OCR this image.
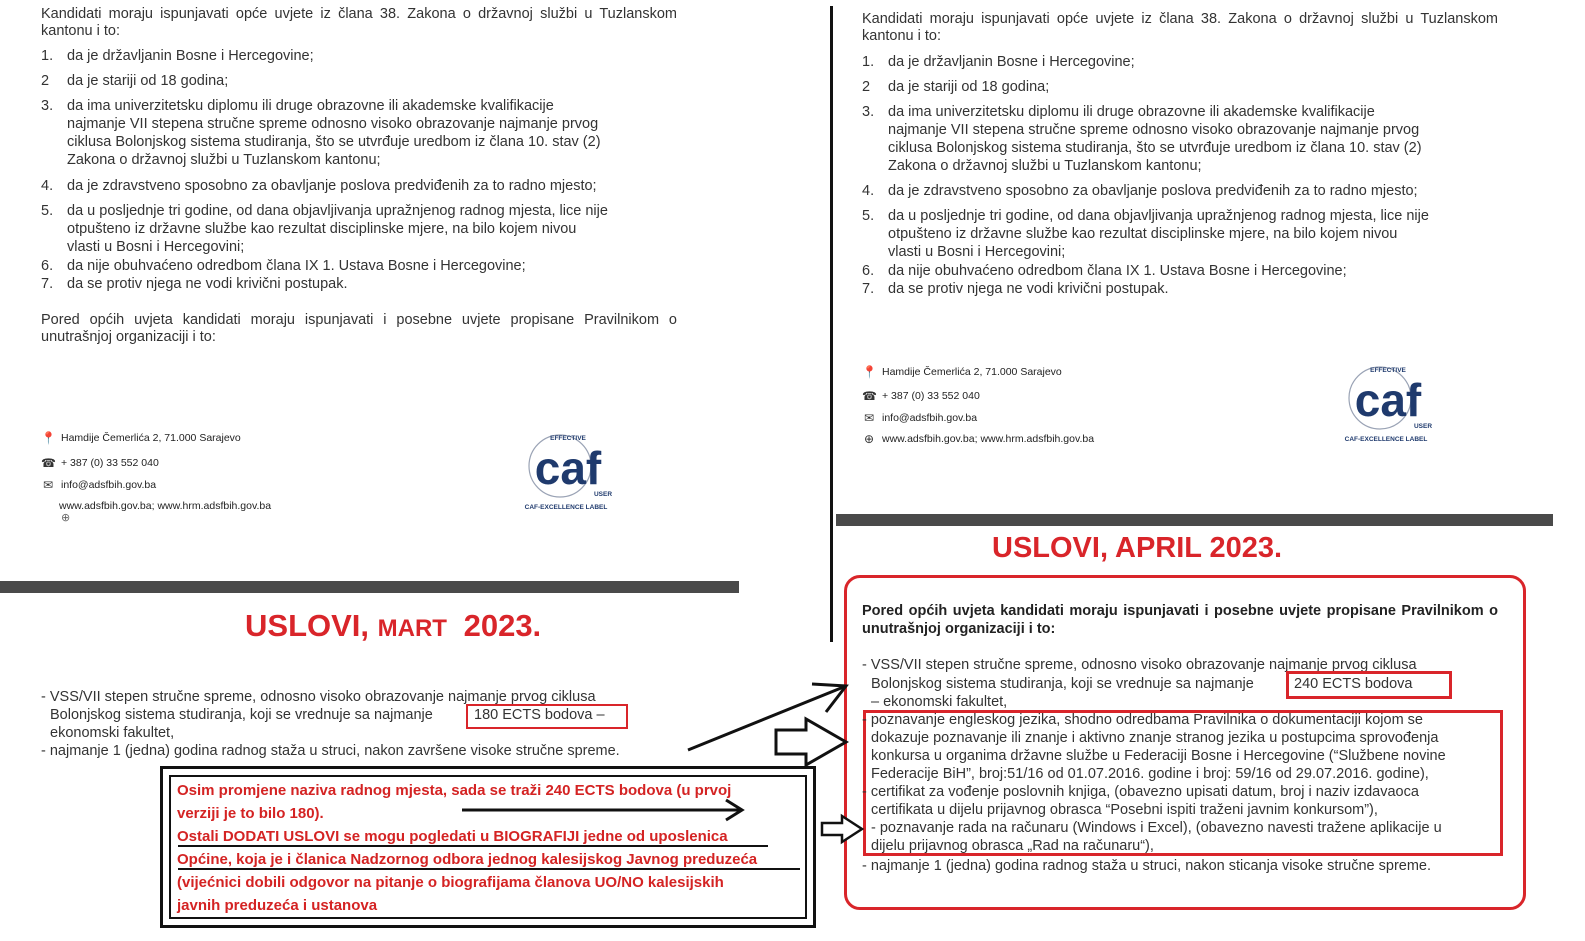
Kandidati moraju ispunjavati opće uvjete iz člana 38. Zakona o državnoj službi u Tuzlanskom kantonu i to:
1. da je državljanin Bosne i Hercegovine;
2 da je stariji od 18 godina;
3. da ima univerzitetsku diplomu ili druge obrazovne ili akademske kvalifikacije
najmanje VII stepena stručne spreme odnosno visoko obrazovanje najmanje prvog
ciklusa Bolonjskog sistema studiranja, što se utvrđuje uredbom iz člana 10. stav (2)
Zakona o državnoj službi u Tuzlanskom kantonu;
4. da je zdravstveno sposobno za obavljanje poslova predviđenih za to radno mjesto;
5. da u posljednje tri godine, od dana objavljivanja upražnjenog radnog mjesta, lice nije
otpušteno iz državne službe kao rezultat disciplinske mjere, na bilo kojem nivou
vlasti u Bosni i Hercegovini;
6. da nije obuhvaćeno odredbom člana IX 1. Ustava Bosne i Hercegovine;
7. da se protiv njega ne vodi krivični postupak.
Pored općih uvjeta kandidati moraju ispunjavati i posebne uvjete propisane Pravilnikom o unutrašnjoj organizaciji i to:
📍 Hamdije Čemerlića 2, 71.000 Sarajevo
☎ + 387 (0) 33 552 040
✉ info@adsfbih.gov.ba
www.adsfbih.gov.ba; www.hrm.adsfbih.gov.ba
⊕
EFFECTIVE
caf
USER
CAF-EXCELLENCE LABEL
USLOVI, MART 2023.
- VSS/VII stepen stručne spreme, odnosno visoko obrazovanje najmanje prvog ciklusa
Bolonjskog sistema studiranja, koji se vrednuje sa najmanje	180 ECTS bodova –
ekonomski fakultet,
- najmanje 1 (jedna) godina radnog staža u struci, nakon završene visoke stručne spreme.
Osim promjene naziva radnog mjesta, sada se traži 240 ECTS bodova (u prvoj
verziji je to bilo 180).
Ostali DODATI USLOVI se mogu pogledati u BIOGRAFIJI jedne od uposlenica
Općine, koja je i članica Nadzornog odbora jednog kalesijskog Javnog preduzeća
(vijećnici dobili odgovor na pitanje o biografijama članova UO/NO kalesijskih
javnih preduzeća i ustanova
Kandidati moraju ispunjavati opće uvjete iz člana 38. Zakona o državnoj službi u Tuzlanskom kantonu i to:
1. da je državljanin Bosne i Hercegovine;
2 da je stariji od 18 godina;
3. da ima univerzitetsku diplomu ili druge obrazovne ili akademske kvalifikacije
najmanje VII stepena stručne spreme odnosno visoko obrazovanje najmanje prvog
ciklusa Bolonjskog sistema studiranja, što se utvrđuje uredbom iz člana 10. stav (2)
Zakona o državnoj službi u Tuzlanskom kantonu;
4. da je zdravstveno sposobno za obavljanje poslova predviđenih za to radno mjesto;
5. da u posljednje tri godine, od dana objavljivanja upražnjenog radnog mjesta, lice nije
otpušteno iz državne službe kao rezultat disciplinske mjere, na bilo kojem nivou
vlasti u Bosni i Hercegovini;
6. da nije obuhvaćeno odredbom člana IX 1. Ustava Bosne i Hercegovine;
7. da se protiv njega ne vodi krivični postupak.
📍 Hamdije Čemerlića 2, 71.000 Sarajevo
☎ + 387 (0) 33 552 040
✉ info@adsfbih.gov.ba
⊕ www.adsfbih.gov.ba; www.hrm.adsfbih.gov.ba
EFFECTIVE
caf
USER
CAF-EXCELLENCE LABEL
USLOVI, APRIL 2023.
Pored općih uvjeta kandidati moraju ispunjavati i posebne uvjete propisane Pravilnikom o unutrašnjoj organizaciji i to:
- VSS/VII stepen stručne spreme, odnosno visoko obrazovanje najmanje prvog ciklusa
Bolonjskog sistema studiranja, koji se vrednuje sa najmanje	240 ECTS bodova
– ekonomski fakultet,
- poznavanje engleskog jezika, shodno odredbama Pravilnika o dokumentaciji kojom se
dokazuje poznavanje ili znanje i aktivno znanje stranog jezika u postupcima sprovođenja
konkursa u organima državne službe u Federaciji Bosne i Hercegovine (“Službene novine
Federacije BiH”, broj:51/16 od 01.07.2016. godine i broj: 59/16 od 29.07.2016. godine),
- certifikat za vođenje poslovnih knjiga, (obavezno upisati datum, broj i naziv izdavaoca
certifikata u dijelu prijavnog obrasca “Posebni ispiti traženi javnim konkursom”),
- poznavanje rada na računaru (Windows i Excel), (obavezno navesti tražene aplikacije u
dijelu prijavnog obrasca „Rad na računaru“),
- najmanje 1 (jedna) godina radnog staža u struci, nakon sticanja visoke stručne spreme.
